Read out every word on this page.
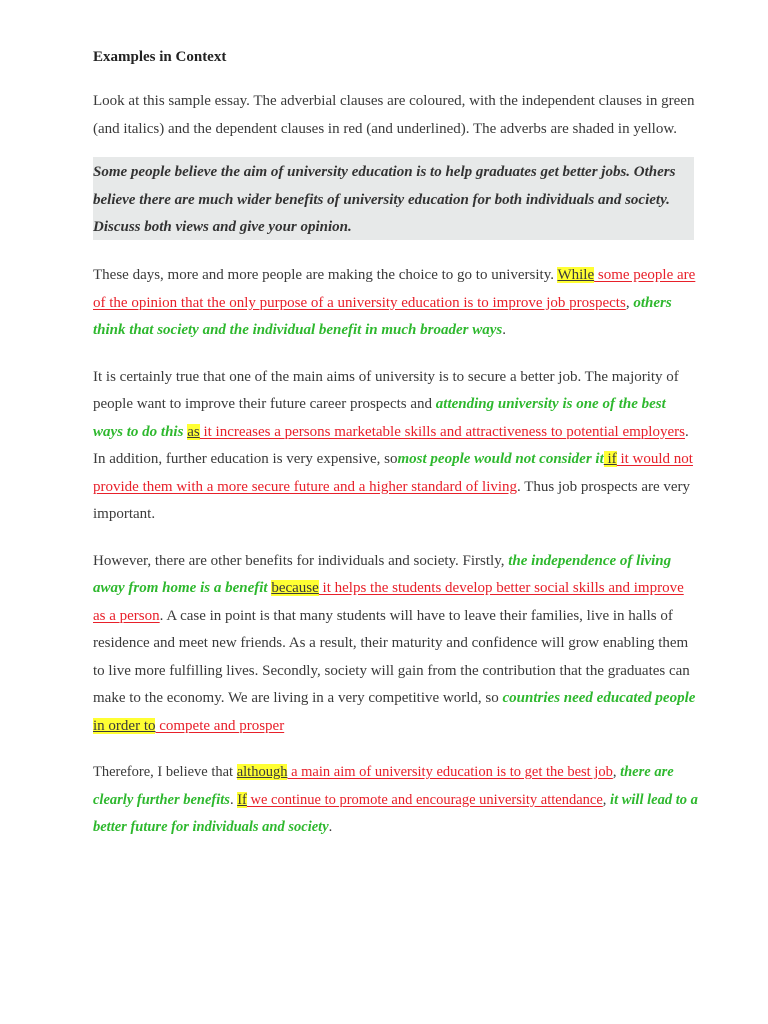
Examples in Context

Look at this sample essay. The adverbial clauses are coloured, with the independent clauses in green (and italics) and the dependent clauses in red (and underlined). The adverbs are shaded in yellow.

Some people believe the aim of university education is to help graduates get better jobs. Others believe there are much wider benefits of university education for both individuals and society. Discuss both views and give your opinion.

These days, more and more people are making the choice to go to university. While some people are of the opinion that the only purpose of a university education is to improve job prospects, others think that society and the individual benefit in much broader ways.

It is certainly true that one of the main aims of university is to secure a better job. The majority of people want to improve their future career prospects and attending university is one of the best ways to do this as it increases a persons marketable skills and attractiveness to potential employers. In addition, further education is very expensive, somost people would not consider it if it would not provide them with a more secure future and a higher standard of living. Thus job prospects are very important.

However, there are other benefits for individuals and society. Firstly, the independence of living away from home is a benefit because it helps the students develop better social skills and improve as a person. A case in point is that many students will have to leave their families, live in halls of residence and meet new friends. As a result, their maturity and confidence will grow enabling them to live more fulfilling lives. Secondly, society will gain from the contribution that the graduates can make to the economy. We are living in a very competitive world, so countries need educated people in order to compete and prosper

Therefore, I believe that although a main aim of university education is to get the best job, there are clearly further benefits. If we continue to promote and encourage university attendance, it will lead to a better future for individuals and society.
